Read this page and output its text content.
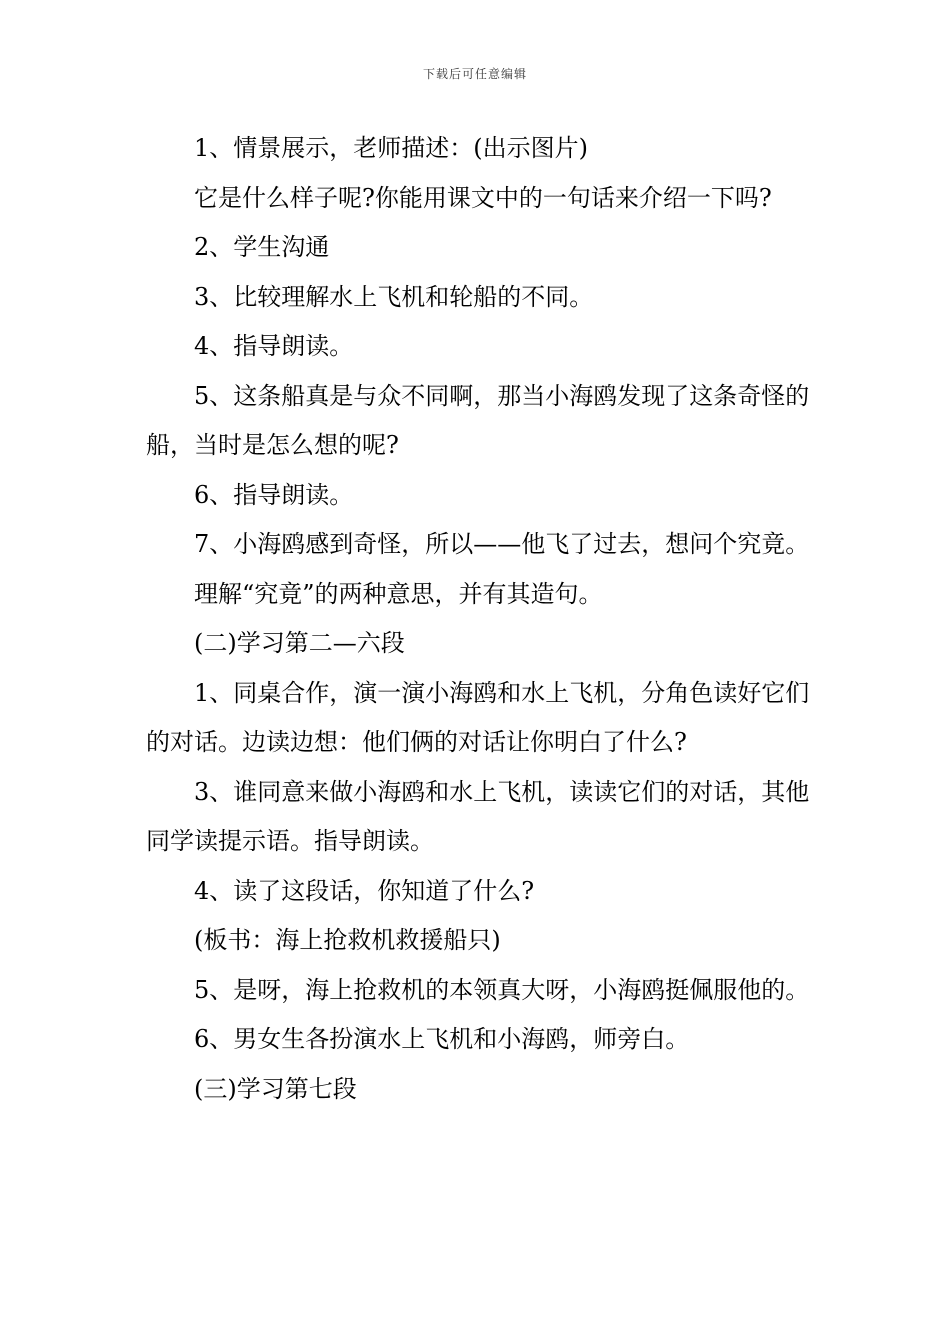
下载后可任意编辑

1、情景展示，老师描述：(出示图片)

它是什么样子呢?你能用课文中的一句话来介绍一下吗?

2、学生沟通

3、比较理解水上飞机和轮船的不同。

4、指导朗读。

5、这条船真是与众不同啊，那当小海鸥发现了这条奇怪的船，当时是怎么想的呢?

6、指导朗读。

7、小海鸥感到奇怪，所以——他飞了过去，想问个究竟。

理解“究竟”的两种意思，并有其造句。

(二)学习第二—六段

1、同桌合作，演一演小海鸥和水上飞机，分角色读好它们的对话。边读边想：他们俩的对话让你明白了什么?

3、谁同意来做小海鸥和水上飞机，读读它们的对话，其他同学读提示语。指导朗读。

4、读了这段话，你知道了什么?

(板书：海上抢救机救援船只)

5、是呀，海上抢救机的本领真大呀，小海鸥挺佩服他的。

6、男女生各扮演水上飞机和小海鸥，师旁白。

(三)学习第七段
